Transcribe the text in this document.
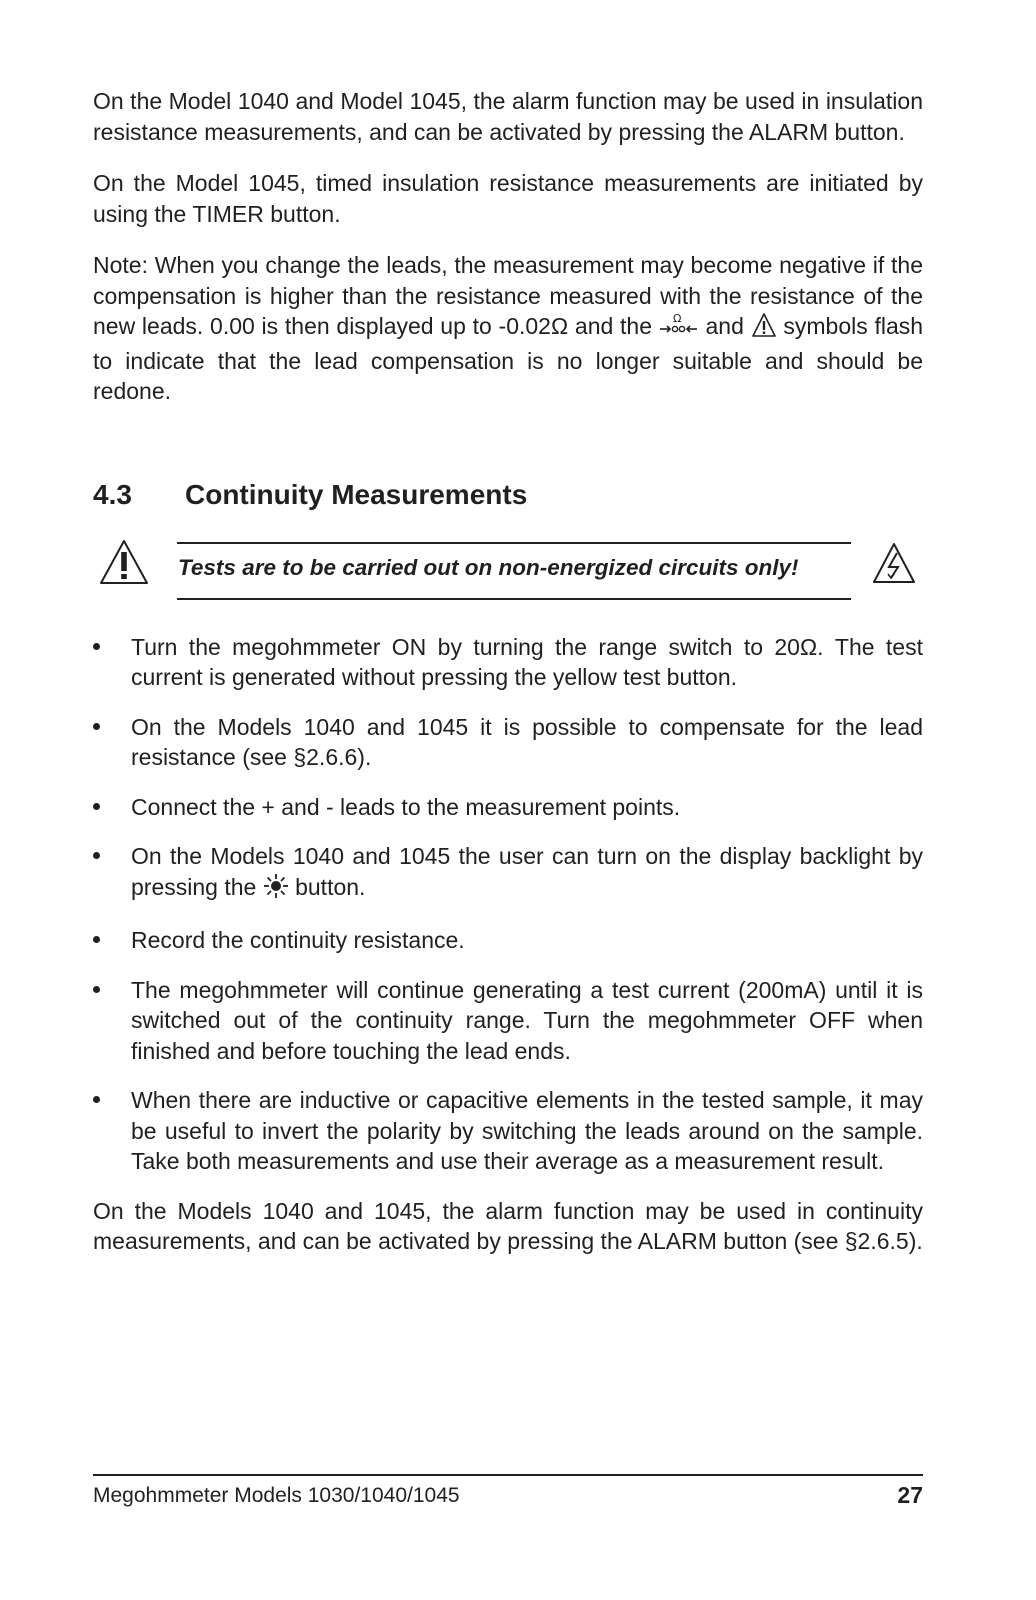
On the Model 1040 and Model 1045, the alarm function may be used in insulation resistance measurements, and can be activated by pressing the ALARM button.

On the Model 1045, timed insulation resistance measurements are initiated by using the TIMER button.

Note: When you change the leads, the measurement may become negative if the compensation is higher than the resistance measured with the resistance of the new leads. 0.00 is then displayed up to -0.02Ω and the Ω and symbols flash to indicate that the lead compensation is no longer suitable and should be redone.

4.3	Continuity Measurements
Tests are to be carried out on non-energized circuits only!
Turn the megohmmeter ON by turning the range switch to 20Ω. The test current is generated without pressing the yellow test button.
On the Models 1040 and 1045 it is possible to compensate for the lead resistance (see §2.6.6).
Connect the + and - leads to the measurement points.
On the Models 1040 and 1045 the user can turn on the display backlight by pressing the button.
Record the continuity resistance.
The megohmmeter will continue generating a test current (200mA) until it is switched out of the continuity range. Turn the megohmmeter OFF when finished and before touching the lead ends.
When there are inductive or capacitive elements in the tested sample, it may be useful to invert the polarity by switching the leads around on the sample. Take both measurements and use their average as a measurement result.

On the Models 1040 and 1045, the alarm function may be used in continuity measurements, and can be activated by pressing the ALARM button (see §2.6.5).

Megohmmeter Models 1030/1040/1045	27
